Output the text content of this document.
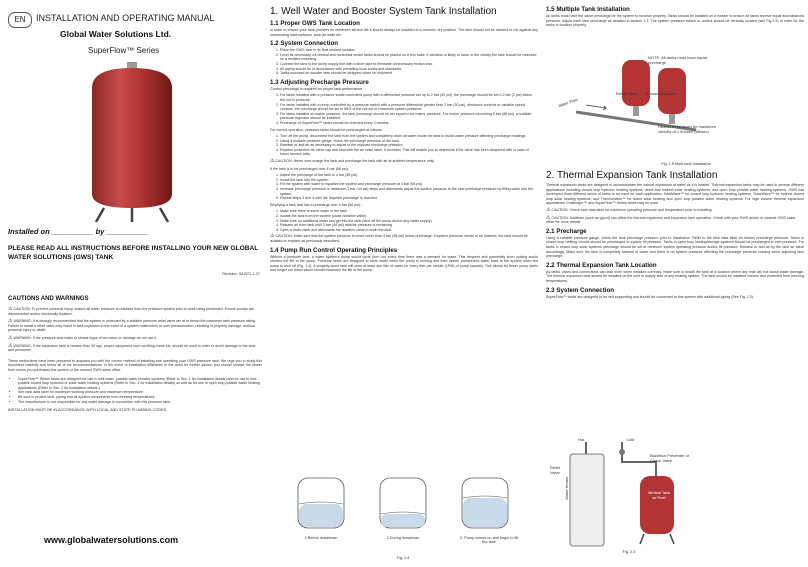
EN	INSTALLATION AND OPERATING MANUAL
Global Water Solutions Ltd.
SuperFlow™ Series
Installed on __________ by __________
PLEASE READ ALL INSTRUCTIONS BEFORE INSTALLING YOUR NEW GLOBAL WATER SOLUTIONS (GWS) TANK
Revision: IM-BT1-1.07
CAUTIONS AND WARNINGS
⚠ CAUTION: To prevent personal injury, ensure all water pressure is released from the pressure system prior to work being performed. Ensure pumps are disconnected and/or electrically isolated.
⚠ WARNING: It is strongly recommended that the system is protected by a suitable pressure relief valve set at or below the maximum tank pressure rating. Failure to install a relief valve may result in tank explosion in the event of a system malfunction or over pressurization, resulting in property damage, serious personal injury or death.
⚠ WARNING: If the pressure tank leaks or shows signs of corrosion or damage do not use it.
⚠ WARNING: If the expansion tank is heavier than 30 kgs, proper equipment such as lifting crane etc. should be used in order to avoid damage to the tank and personnel.
These instructions have been prepared to acquaint you with the correct method of installing and operating your GWS pressure tank. We urge you to study this document carefully and follow all of the recommendations. In the event of installation difficulties or the need for further advice, you should contact the dealer from whom you purchased the system or the nearest GWS sales office.
• SuperFlow™ Series tanks are designed for use in well water, potable water booster systems (Refer to Sec. 1 for installation details) and for use in non-potable closed loop hydronic or solar water heating systems (Refer to Sec. 2 for installation details) as well as for use in open loop potable water heating applications (Refer to Sec. 2 for installation details.)
• See tank data label for maximum working pressure and maximum temperature.
• Be sure to protect tank, piping and all system components from freezing temperatures.
• The manufacturer is not responsible for any water damage in connection with this pressure tank.
INSTALLATION MUST BE IN ACCORDANCE WITH LOCAL AND STATE PLUMBING CODES.
www.globalwatersolutions.com
1. Well Water and Booster System Tank Installation
1.1 Proper GWS Tank Location

In order to ensure your tank provides its maximum service life it should always be installed in a covered, dry position. The tank should not be allowed to rub against any surrounding hard surfaces, such as walls etc.

1.2 System Connection
1. Place the GWS tank in its final desired location.
2. Level as necessary. All vertical and horizontal model tanks should be placed on a firm base. If vibration is likely to occur in the vicinity the tank should be mounted on a resilient mounting.
3. Connect the tank to the pump supply line with a short pipe to eliminate unnecessary friction loss.
4. All piping should be in accordance with prevailing local codes and standards.
5. Tanks mounted on booster sets should be strapped down for shipment.
1.3 Adjusting Precharge Pressure

Correct precharge is required for proper tank performance.

1. For tanks installed with a pressure switch controlled pump with a differential pressure set up to 2 bar (30 psi), the precharge should be set 0.2 bar (2 psi) below the cut-in pressure.
2. For tanks installed with a pump controlled by a pressure switch with a pressure differential greater than 2 bar (30 psi), electronic controls or variable speed controls, the precharge should be set to 65% of the cut-out or maximum system pressure.
3. For tanks installed on mains' pressure, the tank precharge should be set equal to the mains' pressure. For mains' pressure exceeding 6 bar (88 psi), a suitable pressure regulator should be installed.
4. Precharge of SuperFlow™ tanks should be checked every 3 months.

For correct operation, pressure tanks should be precharged as follows:

1. Turn off the pump, disconnect the tank from the system and completely drain all water inside the tank to avoid water pressure affecting precharge readings.
2. Using a suitable pressure gauge, check the precharge pressure of the tank.
3. Release or add air as necessary to adjust to the required precharge pressure.
4. Replace protective air valve cap and seal with the air valve label, if provided. This will enable you to determine if the valve has been tampered with in case of future service calls.

⚠ CAUTION: Never over-charge the tank and precharge the tank with air at ambient temperature only!

If the tank is to be precharged over 4 bar (58 psi):

1. Adjust the precharge of the tank to 4 bar (58 psi).
2. Install the tank into the system.
3. Fill the system with water to equalize the system and precharge pressure at 4 bar (58 psi).
4. Increase precharge pressure in maximum 3 bar (44 psi) steps and afterwards adjust the system pressure to the new precharge pressure by filling water into the system.
5. Repeat steps 3 and 4 until the required precharge is reached.

Emptying a tank that has a precharge over 4 bar (58 psi):

1. Make sure there is some water in the tank.
2. Isolate the tank from the system (close isolation valve).
3. Make sure no additional water can get into the tank (shut off the pump and/or any water supply).
4. Release air from tank until 3 bar (44 psi) tank/air pressure is remaining.
5. Open a drain valve and afterwards the isolation valve to drain the tank.

⚠ CAUTION: Make sure that the system pressure is never lower than 4 bar (58 psi) below precharge. If system pressure needs to be lowered, the tank should be isolated or emptied as previously described.

1.4 Pump Run Control Operating Principles

Without a pressure tank, a water system's pump would cycle (turn on) every time there was a demand for water. This frequent and potentially short cycling would shorten the life of the pump. Pressure tanks are designed to store water when the pump is running and then deliver pressurized water back to the system when the pump is shut off (Fig. 1.4). A properly sized tank will store at least one liter of water for every liter per minute (LPM) of pump capacity. This allows for fewer pump starts and longer run times which should maximize the life of the pump.

1.Before drawdown	2.During drawdown	3. Pump comes on and begin to fill the tank
Fig. 1.4
1.5 Multiple Tank Installation

All tanks must have the same precharge for the system to function properly. Tanks should be installed on a header to ensure all tanks receive equal and balanced pressure. Adjust each tank precharge as detailed in section 1.3. The system pressure switch or control should be centrally located (see Fig.1.5) in order for the tanks to function properly.

NOTE: All tanks must have equal precharge
Relief Valve Pressure Switch
Water Flow
Header to be sized for maximum velocity of 1.8m/sec (6ft/sec)
Fig. 1.5 Multi-tank Installation
2. Thermal Expansion Tank Installation

Thermal expansion tanks are designed to accommodate the natural expansion of water as it is heated. Thermal expansion tanks may be used in several different applications including closed loop hydronic heating systems, direct and indirect solar heating systems, and open loop potable water heating systems. GWS has developed three different series of tanks to be used for each application. HeatWave™ for closed loop hydronic heating systems, SolarWave™ for indirect closed loop solar heating systems, and ThermoWave™ for direct solar heating and open loop potable water heating systems. For high volume thermal expansion applications Challenger™ and SuperFlow™ Series tanks may be used.

⚠ CAUTION: Check tank data label for maximum operating pressure and temperature prior to installing.

⚠ CAUTION: Additives (such as glycol) can affect the thermal expansion and expansion tank operation. Check with your GWS dealer or nearest GWS sales office for more details.

2.1 Precharge

Using a suitable pressure gauge, check the tank precharge pressure prior to installation. Refer to the tank data label for factory precharge pressure. Tanks in closed loop heating circuits should be precharged to system fill pressure. Tanks in open loop heating/storage systems should be precharged to inlet pressure. For tanks in closed loop solar systems precharge should be set at minimum system operating pressure and/or fill pressure. Release or add air by the tank air valve accordingly. Make sure the tank is completely drained of water and there is no system pressure affecting the precharge pressure reading when adjusting tank precharge.

2.2 Thermal Expansion Tank Location

As tanks, pipes and connections can leak even when installed correctly, make sure to install the tank at a location where any leak will not cause water damage. The thermal expansion tank should be installed on the cold or supply side of any heating system. The tank should be installed indoors and protected from freezing temperatures.

2.3 System Connection

SuperFlow™ tanks are designed to be self-supporting and should be connected to this system with additional piping (See Fig. 2.3).

Hot	Cold
Relief Valve
Backflow Preventer or Check Valve
Water Heater	Vertical Tank w/ Feet
Fig. 2.3
